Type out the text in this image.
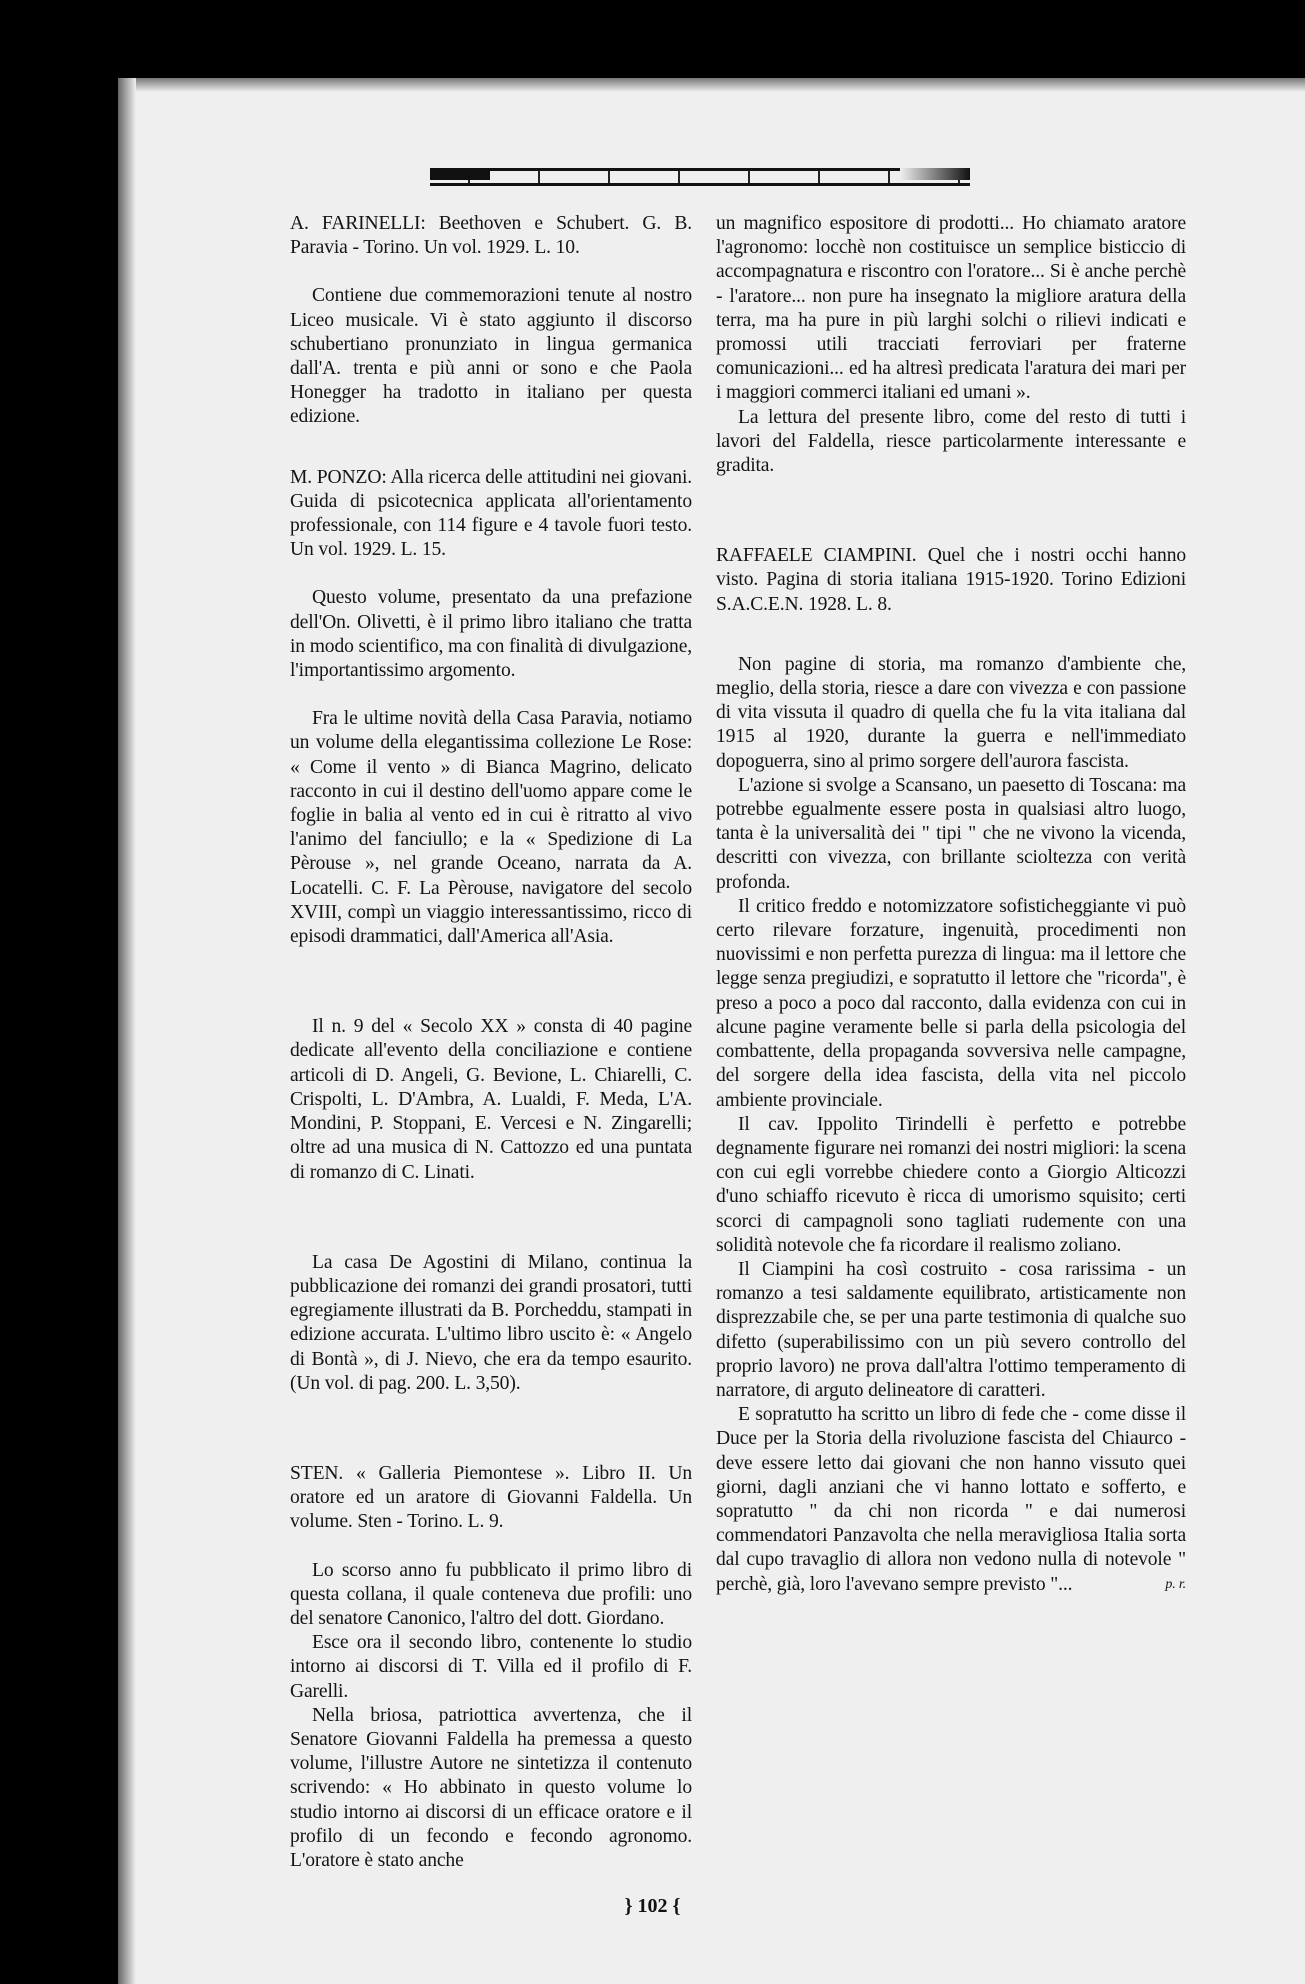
A. FARINELLI: Beethoven e Schubert. G. B. Paravia - Torino. Un vol. 1929. L. 10.

Contiene due commemorazioni tenute al nostro Liceo musicale. Vi è stato aggiunto il discorso schubertiano pronunziato in lingua germanica dall'A. trenta e più anni or sono e che Paola Honegger ha tradotto in italiano per questa edizione.

M. PONZO: Alla ricerca delle attitudini nei giovani. Guida di psicotecnica applicata all'orientamento professionale, con 114 figure e 4 tavole fuori testo. Un vol. 1929. L. 15.

Questo volume, presentato da una prefazione dell'On. Olivetti, è il primo libro italiano che tratta in modo scientifico, ma con finalità di divulgazione, l'importantissimo argomento.

Fra le ultime novità della Casa Paravia, notiamo un volume della elegantissima collezione Le Rose: « Come il vento » di Bianca Magrino, delicato racconto in cui il destino dell'uomo appare come le foglie in balia al vento ed in cui è ritratto al vivo l'animo del fanciullo; e la « Spedizione di La Pèrouse », nel grande Oceano, narrata da A. Locatelli. C. F. La Pèrouse, navigatore del secolo XVIII, compì un viaggio interessantissimo, ricco di episodi drammatici, dall'America all'Asia.

Il n. 9 del « Secolo XX » consta di 40 pagine dedicate all'evento della conciliazione e contiene articoli di D. Angeli, G. Bevione, L. Chiarelli, C. Crispolti, L. D'Ambra, A. Lualdi, F. Meda, L'A. Mondini, P. Stoppani, E. Vercesi e N. Zingarelli; oltre ad una musica di N. Cattozzo ed una puntata di romanzo di C. Linati.

La casa De Agostini di Milano, continua la pubblicazione dei romanzi dei grandi prosatori, tutti egregiamente illustrati da B. Porcheddu, stampati in edizione accurata. L'ultimo libro uscito è: « Angelo di Bontà », di J. Nievo, che era da tempo esaurito. (Un vol. di pag. 200. L. 3,50).

STEN. « Galleria Piemontese ». Libro II. Un oratore ed un aratore di Giovanni Faldella. Un volume. Sten - Torino. L. 9.

Lo scorso anno fu pubblicato il primo libro di questa collana, il quale conteneva due profili: uno del senatore Canonico, l'altro del dott. Giordano.

Esce ora il secondo libro, contenente lo studio intorno ai discorsi di T. Villa ed il profilo di F. Garelli.

Nella briosa, patriottica avvertenza, che il Senatore Giovanni Faldella ha premessa a questo volume, l'illustre Autore ne sintetizza il contenuto scrivendo: « Ho abbinato in questo volume lo studio intorno ai discorsi di un efficace oratore e il profilo di un fecondo e fecondo agronomo. L'oratore è stato anche

un magnifico espositore di prodotti... Ho chiamato aratore l'agronomo: locchè non costituisce un semplice bisticcio di accompagnatura e riscontro con l'oratore... Si è anche perchè - l'aratore... non pure ha insegnato la migliore aratura della terra, ma ha pure in più larghi solchi o rilievi indicati e promossi utili tracciati ferroviari per fraterne comunicazioni... ed ha altresì predicata l'aratura dei mari per i maggiori commerci italiani ed umani ».

La lettura del presente libro, come del resto di tutti i lavori del Faldella, riesce particolarmente interessante e gradita.

RAFFAELE CIAMPINI. Quel che i nostri occhi hanno visto. Pagina di storia italiana 1915-1920. Torino Edizioni S.A.C.E.N. 1928. L. 8.

Non pagine di storia, ma romanzo d'ambiente che, meglio, della storia, riesce a dare con vivezza e con passione di vita vissuta il quadro di quella che fu la vita italiana dal 1915 al 1920, durante la guerra e nell'immediato dopoguerra, sino al primo sorgere dell'aurora fascista.

L'azione si svolge a Scansano, un paesetto di Toscana: ma potrebbe egualmente essere posta in qualsiasi altro luogo, tanta è la universalità dei " tipi " che ne vivono la vicenda, descritti con vivezza, con brillante scioltezza con verità profonda.

Il critico freddo e notomizzatore sofisticheggiante vi può certo rilevare forzature, ingenuità, procedimenti non nuovissimi e non perfetta purezza di lingua: ma il lettore che legge senza pregiudizi, e sopratutto il lettore che "ricorda", è preso a poco a poco dal racconto, dalla evidenza con cui in alcune pagine veramente belle si parla della psicologia del combattente, della propaganda sovversiva nelle campagne, del sorgere della idea fascista, della vita nel piccolo ambiente provinciale.

Il cav. Ippolito Tirindelli è perfetto e potrebbe degnamente figurare nei romanzi dei nostri migliori: la scena con cui egli vorrebbe chiedere conto a Giorgio Alticozzi d'uno schiaffo ricevuto è ricca di umorismo squisito; certi scorci di campagnoli sono tagliati rudemente con una solidità notevole che fa ricordare il realismo zoliano.

Il Ciampini ha così costruito - cosa rarissima - un romanzo a tesi saldamente equilibrato, artisticamente non disprezzabile che, se per una parte testimonia di qualche suo difetto (superabilissimo con un più severo controllo del proprio lavoro) ne prova dall'altra l'ottimo temperamento di narratore, di arguto delineatore di caratteri.

E sopratutto ha scritto un libro di fede che - come disse il Duce per la Storia della rivoluzione fascista del Chiaurco - deve essere letto dai giovani che non hanno vissuto quei giorni, dagli anziani che vi hanno lottato e sofferto, e sopratutto " da chi non ricorda " e dai numerosi commendatori Panzavolta che nella meravigliosa Italia sorta dal cupo travaglio di allora non vedono nulla di notevole " perchè, già, loro l'avevano sempre previsto "...	p. r.

} 102 {
